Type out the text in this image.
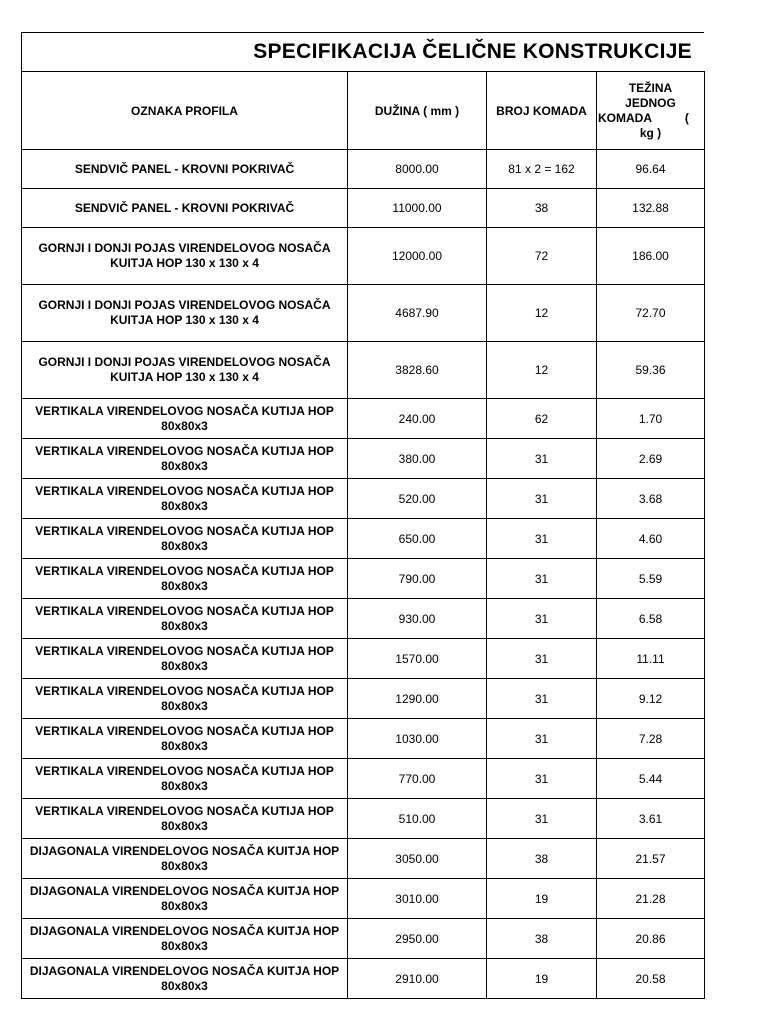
SPECIFIKACIJA ČELIČNE KONSTRUKCIJE
OZNAKA PROFILA	DUŽINA ( mm )	BROJ KOMADA	TEŽINA
JEDNOG
KOMADA          (
kg )

SENDVIČ PANEL - KROVNI POKRIVAČ	8000.00	81 x 2 = 162	96.64
SENDVIČ PANEL - KROVNI POKRIVAČ	11000.00	38	132.88
GORNJI I DONJI POJAS VIRENDELOVOG NOSAČA KUITJA HOP 130 x 130 x 4	12000.00	72	186.00
GORNJI I DONJI POJAS VIRENDELOVOG NOSAČA KUITJA HOP 130 x 130 x 4	4687.90	12	72.70
GORNJI I DONJI POJAS VIRENDELOVOG NOSAČA KUITJA HOP 130 x 130 x 4	3828.60	12	59.36
VERTIKALA VIRENDELOVOG NOSAČA KUTIJA HOP 80x80x3	240.00	62	1.70
VERTIKALA VIRENDELOVOG NOSAČA KUTIJA HOP 80x80x3	380.00	31	2.69
VERTIKALA VIRENDELOVOG NOSAČA KUTIJA HOP 80x80x3	520.00	31	3.68
VERTIKALA VIRENDELOVOG NOSAČA KUTIJA HOP 80x80x3	650.00	31	4.60
VERTIKALA VIRENDELOVOG NOSAČA KUTIJA HOP 80x80x3	790.00	31	5.59
VERTIKALA VIRENDELOVOG NOSAČA KUTIJA HOP 80x80x3	930.00	31	6.58
VERTIKALA VIRENDELOVOG NOSAČA KUTIJA HOP 80x80x3	1570.00	31	11.11
VERTIKALA VIRENDELOVOG NOSAČA KUTIJA HOP 80x80x3	1290.00	31	9.12
VERTIKALA VIRENDELOVOG NOSAČA KUTIJA HOP 80x80x3	1030.00	31	7.28
VERTIKALA VIRENDELOVOG NOSAČA KUTIJA HOP 80x80x3	770.00	31	5.44
VERTIKALA VIRENDELOVOG NOSAČA KUTIJA HOP 80x80x3	510.00	31	3.61
DIJAGONALA VIRENDELOVOG NOSAČA KUITJA HOP 80x80x3	3050.00	38	21.57
DIJAGONALA VIRENDELOVOG NOSAČA KUITJA HOP 80x80x3	3010.00	19	21.28
DIJAGONALA VIRENDELOVOG NOSAČA KUITJA HOP 80x80x3	2950.00	38	20.86
DIJAGONALA VIRENDELOVOG NOSAČA KUITJA HOP 80x80x3	2910.00	19	20.58
